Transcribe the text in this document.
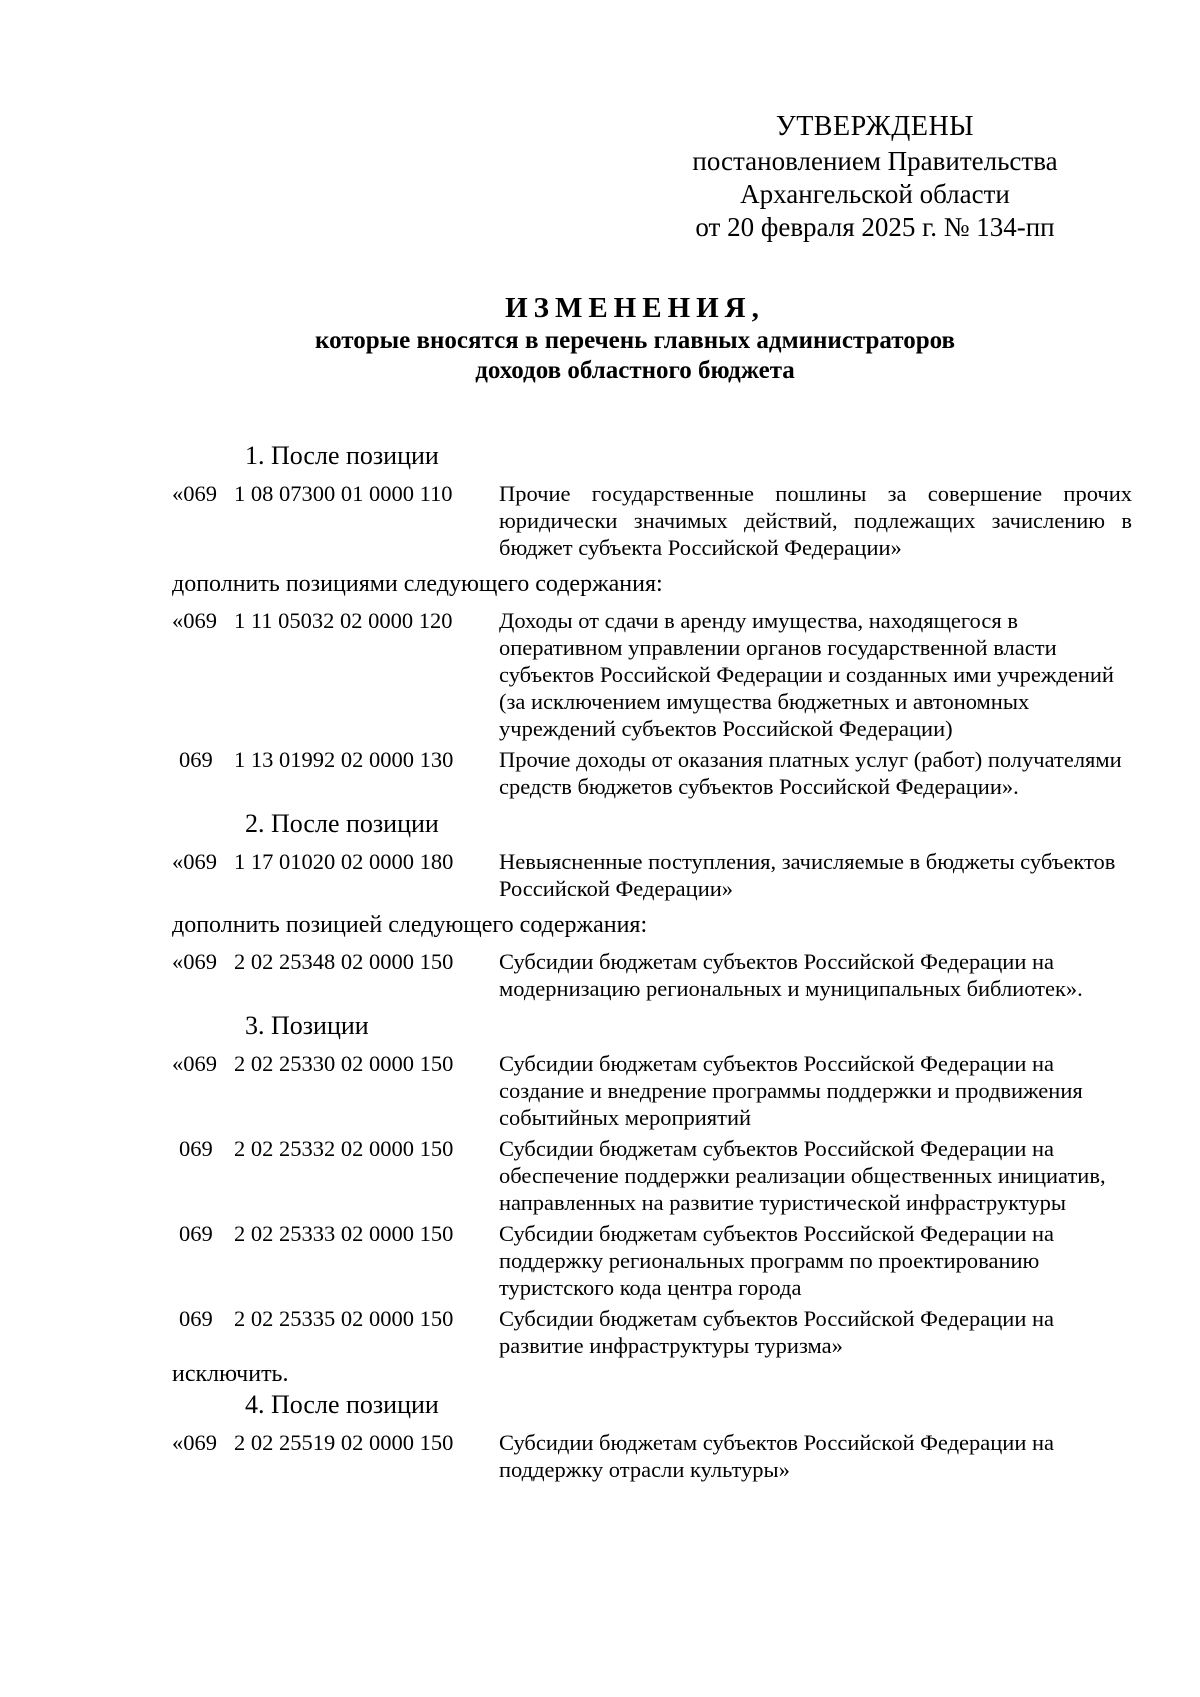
УТВЕРЖДЕНЫ
постановлением Правительства
Архангельской области
от 20 февраля 2025 г. № 134-пп
ИЗМЕНЕНИЯ,
которые вносятся в перечень главных администраторов
доходов областного бюджета

1. После позиции

«069	1 08 07300 01 0000 110	Прочие государственные пошлины за совершение прочих юридически значимых действий, подлежащих зачислению в бюджет субъекта Российской Федерации»

дополнить позициями следующего содержания:

«069	1 11 05032 02 0000 120	Доходы от сдачи в аренду имущества, находящегося в оперативном управлении органов государственной власти субъектов Российской Федерации и созданных ими учреждений (за исключением имущества бюджетных и автономных учреждений субъектов Российской Федерации)

069	1 13 01992 02 0000 130	Прочие доходы от оказания платных услуг (работ) получателями средств бюджетов субъектов Российской Федерации».

2. После позиции

«069	1 17 01020 02 0000 180	Невыясненные поступления, зачисляемые в бюджеты субъектов Российской Федерации»

дополнить позицией следующего содержания:

«069	2 02 25348 02 0000 150	Субсидии бюджетам субъектов Российской Федерации на модернизацию региональных и муниципальных библиотек».

3. Позиции

«069	2 02 25330 02 0000 150	Субсидии бюджетам субъектов Российской Федерации на создание и внедрение программы поддержки и продвижения событийных мероприятий

069	2 02 25332 02 0000 150	Субсидии бюджетам субъектов Российской Федерации на обеспечение поддержки реализации общественных инициатив, направленных на развитие туристической инфраструктуры

069	2 02 25333 02 0000 150	Субсидии бюджетам субъектов Российской Федерации на поддержку региональных программ по проектированию туристского кода центра города

069	2 02 25335 02 0000 150	Субсидии бюджетам субъектов Российской Федерации на развитие инфраструктуры туризма»

исключить.

4. После позиции

«069	2 02 25519 02 0000 150	Субсидии бюджетам субъектов Российской Федерации на поддержку отрасли культуры»
